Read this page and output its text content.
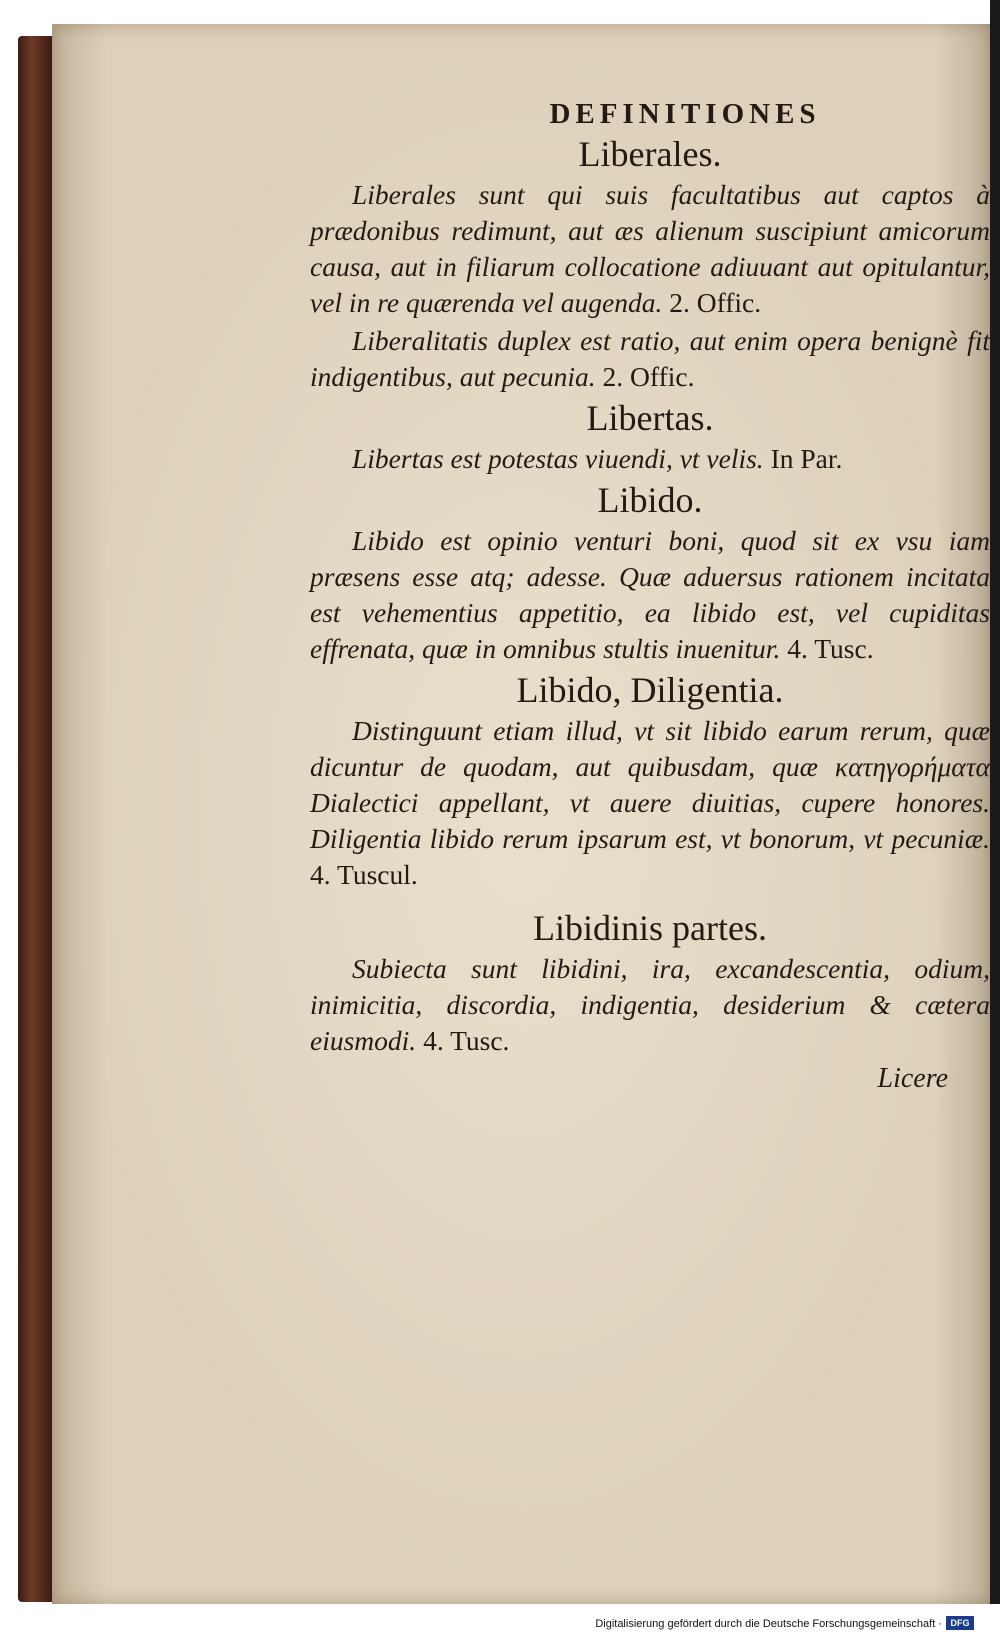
DEFINITIONES
Liberales.

Liberales sunt qui suis facultatibus aut captos à prædonibus redimunt, aut æs alienum suscipiunt amicorum causa, aut in filiarum collocatione adiuuant aut opitulantur, vel in re quærenda vel augenda. 2. Offic.

Liberalitatis duplex est ratio, aut enim opera benignè fit indigentibus, aut pecunia. 2. Offic.

Libertas.

Libertas est potestas viuendi, vt velis. In Par.

Libido.

Libido est opinio venturi boni, quod sit ex vsu iam præsens esse atq; adesse. Quæ aduersus rationem incitata est vehementius appetitio, ea libido est, vel cupiditas effrenata, quæ in omnibus stultis inuenitur. 4. Tusc.

Libido, Diligentia.

Distinguunt etiam illud, vt sit libido earum rerum, quæ dicuntur de quodam, aut quibusdam, quæ κατηγορήματα Dialectici appellant, vt auere diuitias, cupere honores. Diligentia libido rerum ipsarum est, vt bonorum, vt pecuniæ. 4. Tuscul.

Libidinis partes.

Subiecta sunt libidini, ira, excandescentia, odium, inimicitia, discordia, indigentia, desiderium & cætera eiusmodi. 4. Tusc.

Licere
Digitalisierung gefördert durch die Deutsche Forschungsgemeinschaft · DFG
